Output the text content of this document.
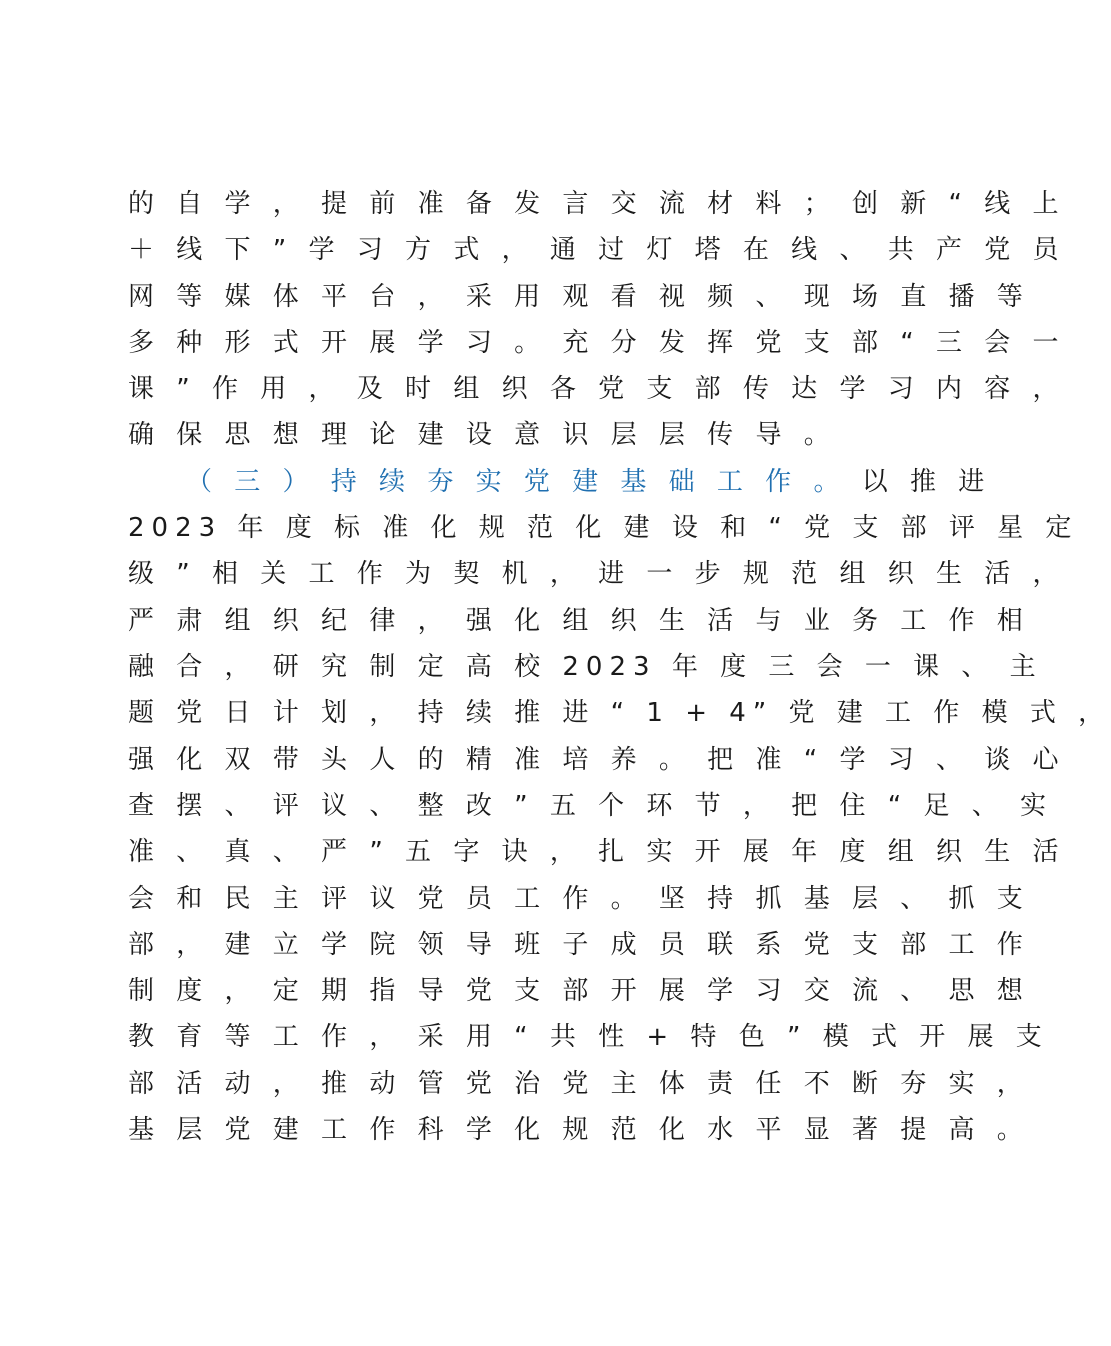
的 自 学 ， 提 前 准 备 发 言 交 流 材 料 ； 创 新 “ 线 上
＋ 线 下 ” 学 习 方 式 ， 通 过 灯 塔 在 线 、 共 产 党 员
网 等 媒 体 平 台 ， 采 用 观 看 视 频 、 现 场 直 播 等
多 种 形 式 开 展 学 习 。 充 分 发 挥 党 支 部 “ 三 会 一
课 ” 作 用 ， 及 时 组 织 各 党 支 部 传 达 学 习 内 容 ，
确 保 思 想 理 论 建 设 意 识 层 层 传 导 。
（ 三 ） 持 续 夯 实 党 建 基 础 工 作 。 以 推 进
2023 年 度 标 准 化 规 范 化 建 设 和 “ 党 支 部 评 星 定
级 ” 相 关 工 作 为 契 机 ， 进 一 步 规 范 组 织 生 活 ，
严 肃 组 织 纪 律 ， 强 化 组 织 生 活 与 业 务 工 作 相
融 合 ， 研 究 制 定 高 校 2023 年 度 三 会 一 课 、 主
题 党 日 计 划 ， 持 续 推 进 “ 1 + 4” 党 建 工 作 模 式 ，
强 化 双 带 头 人 的 精 准 培 养 。 把 准 “ 学 习 、 谈 心
查 摆 、 评 议 、 整 改 ” 五 个 环 节 ， 把 住 “ 足 、 实
准 、 真 、 严 ” 五 字 诀 ， 扎 实 开 展 年 度 组 织 生 活
会 和 民 主 评 议 党 员 工 作 。 坚 持 抓 基 层 、 抓 支
部 ， 建 立 学 院 领 导 班 子 成 员 联 系 党 支 部 工 作
制 度 ， 定 期 指 导 党 支 部 开 展 学 习 交 流 、 思 想
教 育 等 工 作 ， 采 用 “ 共 性 + 特 色 ” 模 式 开 展 支
部 活 动 ， 推 动 管 党 治 党 主 体 责 任 不 断 夯 实 ，
基 层 党 建 工 作 科 学 化 规 范 化 水 平 显 著 提 高 。
